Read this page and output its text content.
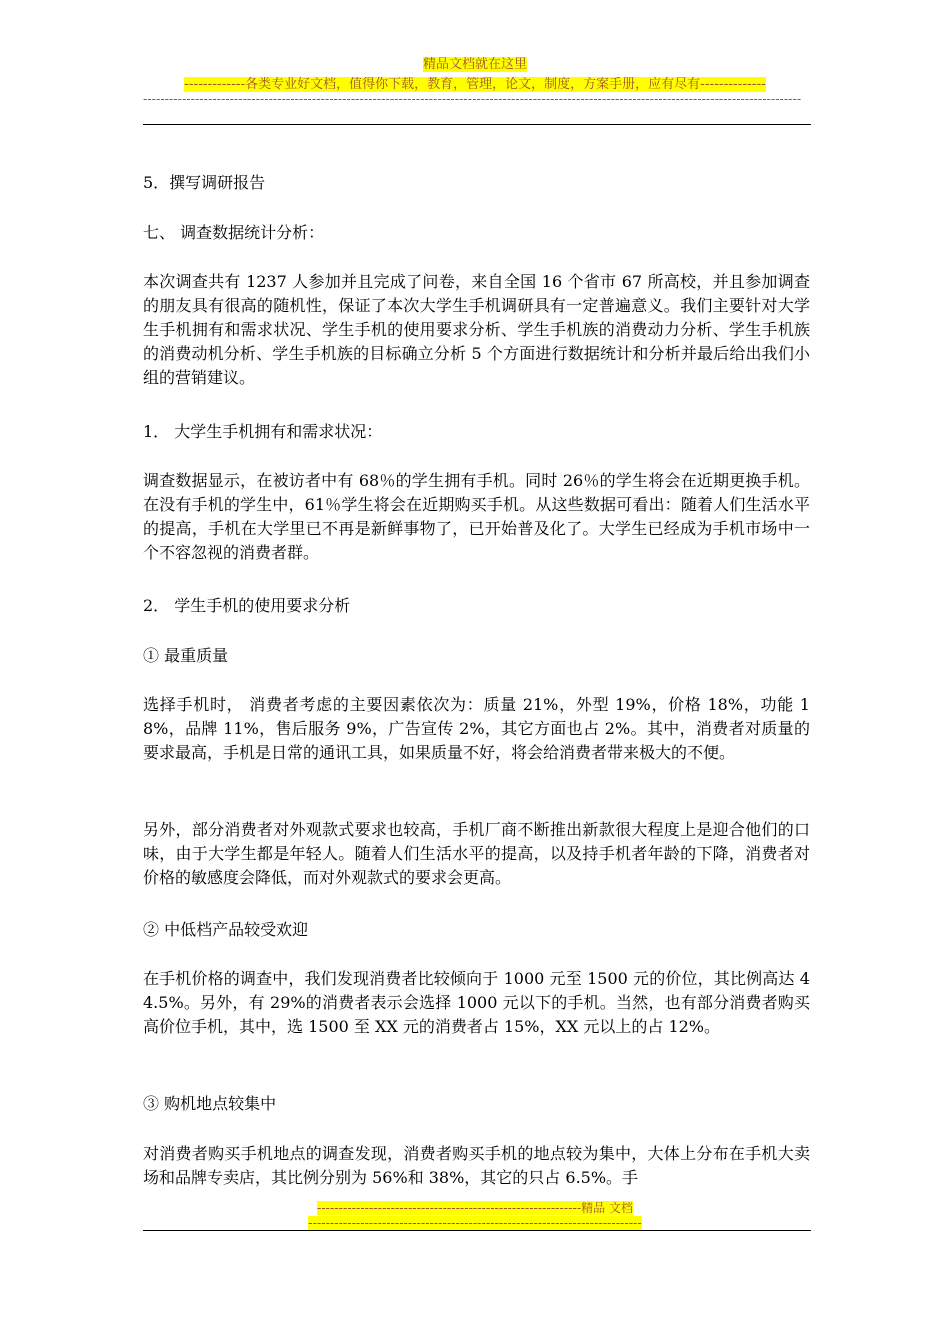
精品文档就在这里
-------------各类专业好文档，值得你下载，教育，管理，论文，制度，方案手册，应有尽有--------------
--------------------------------------------------------------------------------------------------------------------------------------------------------
5．撰写调研报告
七、 调查数据统计分析：
本次调查共有 1237 人参加并且完成了问卷，来自全国 16 个省市 67 所高校，并且参加调查的朋友具有很高的随机性，保证了本次大学生手机调研具有一定普遍意义。我们主要针对大学生手机拥有和需求状况、学生手机的使用要求分析、学生手机族的消费动力分析、学生手机族的消费动机分析、学生手机族的目标确立分析 5 个方面进行数据统计和分析并最后给出我们小组的营销建议。
1． 大学生手机拥有和需求状况：
调查数据显示，在被访者中有 68％的学生拥有手机。同时 26％的学生将会在近期更换手机。在没有手机的学生中，61％学生将会在近期购买手机。从这些数据可看出：随着人们生活水平的提高，手机在大学里已不再是新鲜事物了，已开始普及化了。大学生已经成为手机市场中一个不容忽视的消费者群。
2． 学生手机的使用要求分析
① 最重质量
选择手机时， 消费者考虑的主要因素依次为：质量 21%，外型 19%，价格 18%，功能 18%，品牌 11%，售后服务 9%，广告宣传 2%，其它方面也占 2%。其中，消费者对质量的要求最高，手机是日常的通讯工具，如果质量不好，将会给消费者带来极大的不便。
另外，部分消费者对外观款式要求也较高，手机厂商不断推出新款很大程度上是迎合他们的口味，由于大学生都是年轻人。随着人们生活水平的提高，以及持手机者年龄的下降，消费者对价格的敏感度会降低，而对外观款式的要求会更高。
② 中低档产品较受欢迎
在手机价格的调查中，我们发现消费者比较倾向于 1000 元至 1500 元的价位，其比例高达 44.5%。另外，有 29%的消费者表示会选择 1000 元以下的手机。当然，也有部分消费者购买高价位手机，其中，选 1500 至 XX 元的消费者占 15%，XX 元以上的占 12%。
③ 购机地点较集中
对消费者购买手机地点的调查发现，消费者购买手机的地点较为集中，大体上分布在手机大卖场和品牌专卖店，其比例分别为 56%和 38%，其它的只占 6.5%。手
-------------------------------------------------------------精品 文档
-----------------------------------------------------------------------------
